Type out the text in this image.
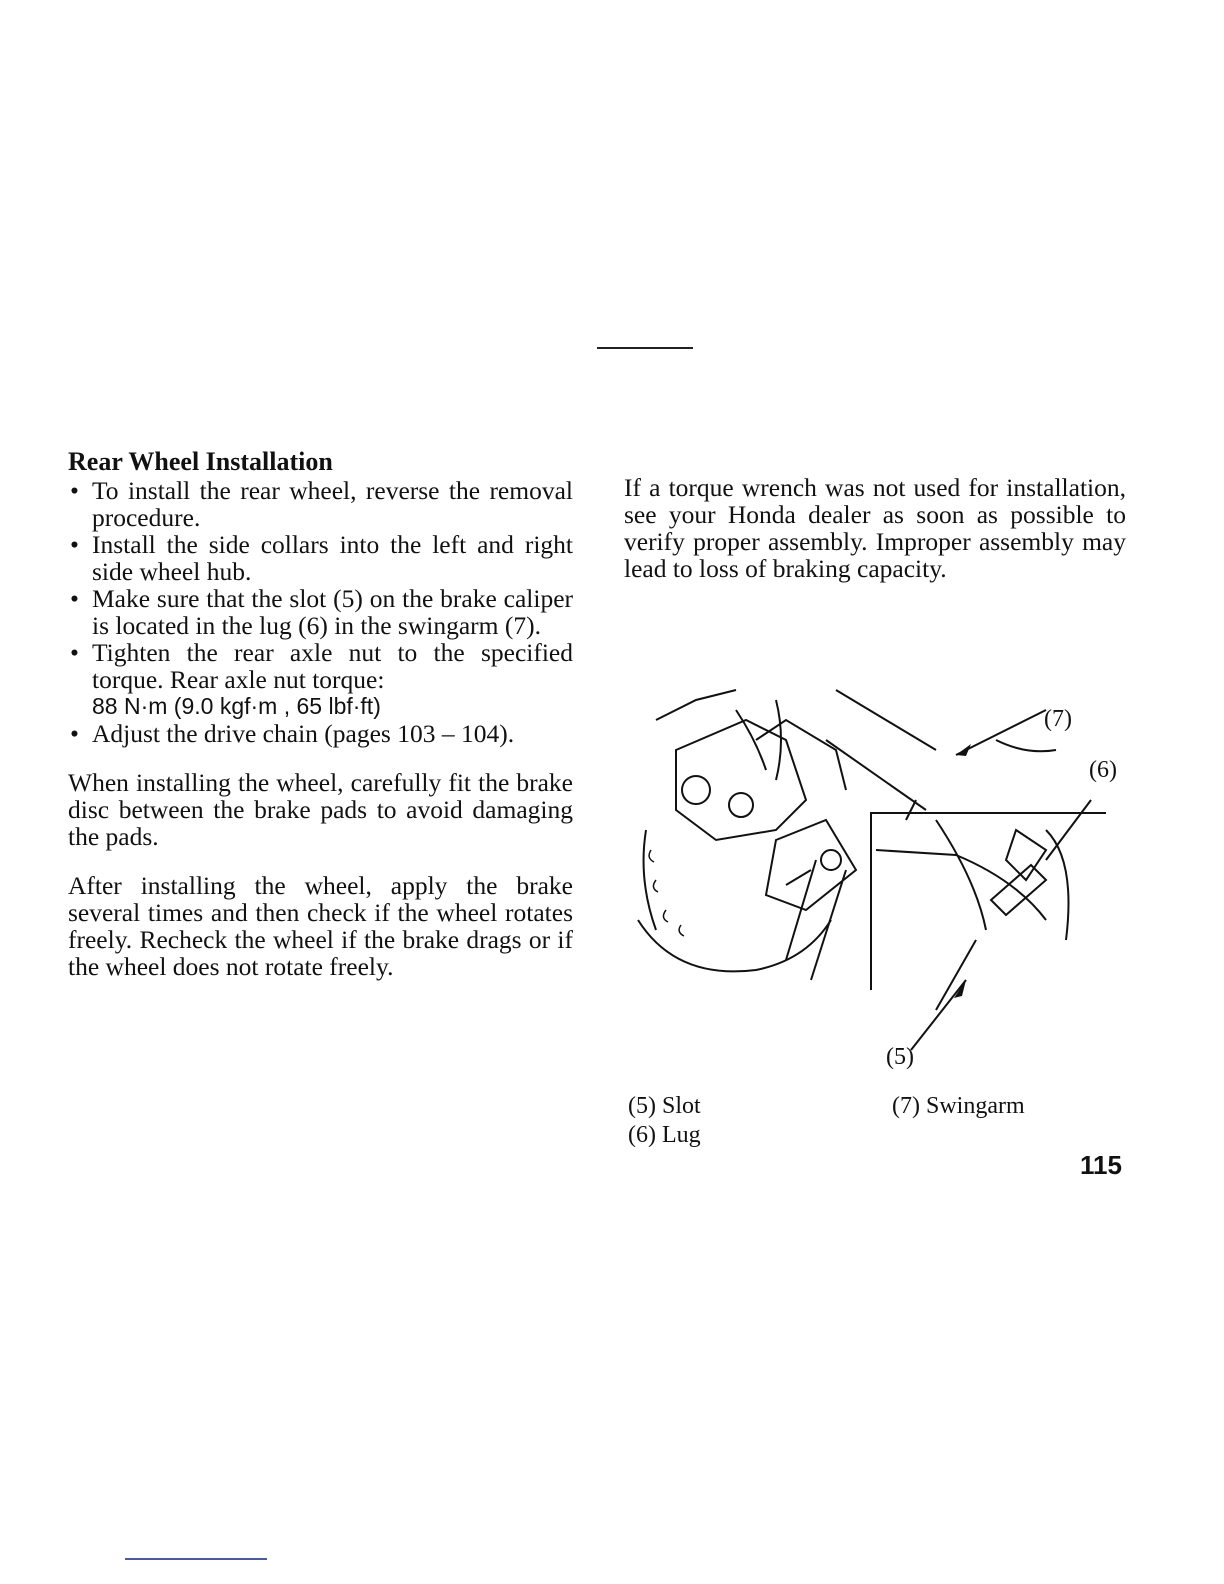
Rear Wheel Installation
• To install the rear wheel, reverse the removal procedure.
• Install the side collars into the left and right side wheel hub.
• Make sure that the slot (5) on the brake caliper is located in the lug (6) in the swingarm (7).
• Tighten the rear axle nut to the specified torque. Rear axle nut torque:
88 N·m (9.0 kgf·m , 65 lbf·ft)
• Adjust the drive chain (pages 103 – 104).

When installing the wheel, carefully fit the brake disc between the brake pads to avoid damaging the pads.

After installing the wheel, apply the brake several times and then check if the wheel rotates freely. Recheck the wheel if the brake drags or if the wheel does not rotate freely.

If a torque wrench was not used for installation, see your Honda dealer as soon as possible to verify proper assembly. Improper assembly may lead to loss of braking capacity.
(7)
(6)
(5)
(5) Slot
(6) Lug
(7) Swingarm
115
